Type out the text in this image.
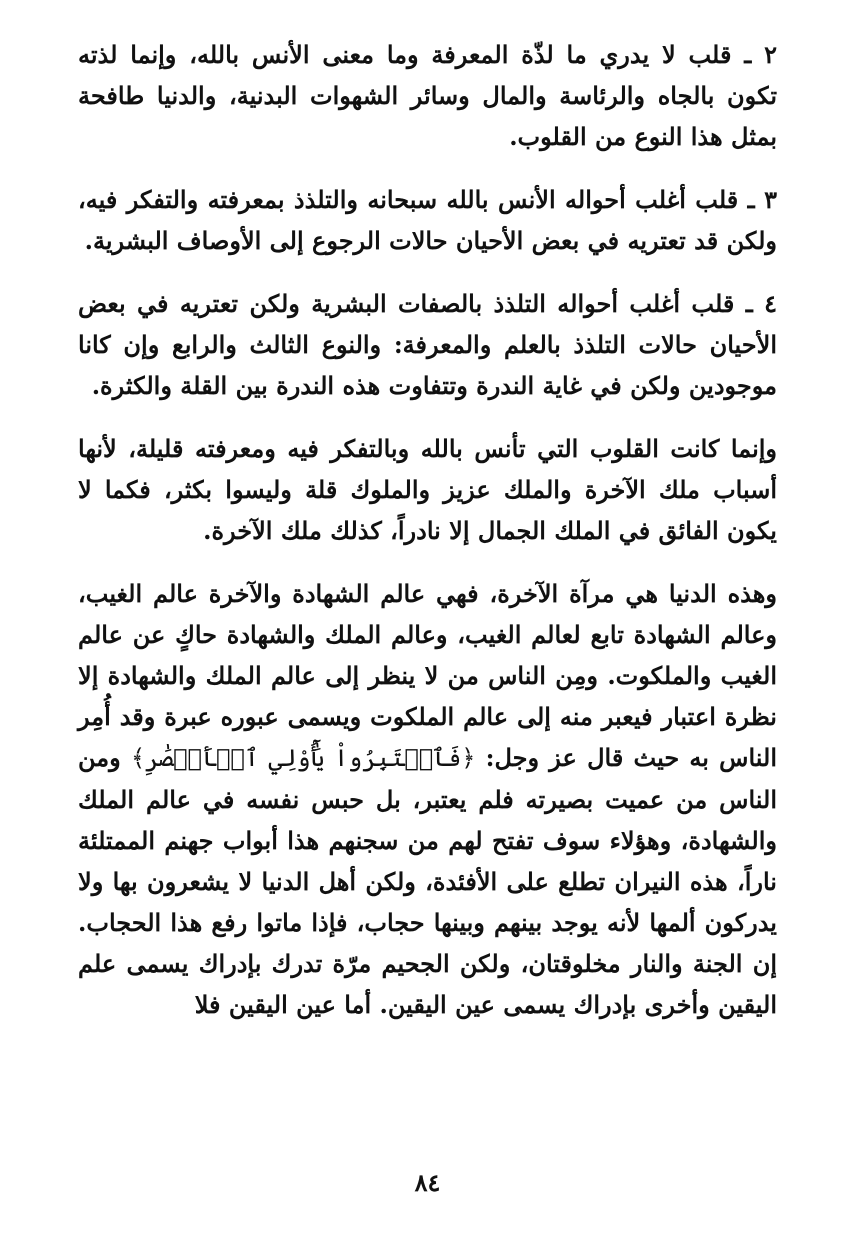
٢ ـ قلب لا يدري ما لذّة المعرفة وما معنى الأنس بالله، وإنما لذته تكون بالجاه والرئاسة والمال وسائر الشهوات البدنية، والدنيا طافحة بمثل هذا النوع من القلوب.

٣ ـ قلب أغلب أحواله الأنس بالله سبحانه والتلذذ بمعرفته والتفكر فيه، ولكن قد تعتريه في بعض الأحيان حالات الرجوع إلى الأوصاف البشرية.

٤ ـ قلب أغلب أحواله التلذذ بالصفات البشرية ولكن تعتريه في بعض الأحيان حالات التلذذ بالعلم والمعرفة: والنوع الثالث والرابع وإن كانا موجودين ولكن في غاية الندرة وتتفاوت هذه الندرة بين القلة والكثرة.

وإنما كانت القلوب التي تأنس بالله وبالتفكر فيه ومعرفته قليلة، لأنها أسباب ملك الآخرة والملك عزيز والملوك قلة وليسوا بكثر، فكما لا يكون الفائق في الملك الجمال إلا نادراً، كذلك ملك الآخرة.

وهذه الدنيا هي مرآة الآخرة، فهي عالم الشهادة والآخرة عالم الغيب، وعالم الشهادة تابع لعالم الغيب، وعالم الملك والشهادة حاكٍ عن عالم الغيب والملكوت. ومِن الناس من لا ينظر إلى عالم الملك والشهادة إلا نظرة اعتبار فيعبر منه إلى عالم الملكوت ويسمى عبوره عبرة وقد أُمِر الناس به حيث قال عز وجل: ﴿فَٱعۡتَبِرُواْ يَٰٓأُوْلِي ٱلۡأَبۡصَٰرِ﴾ ومن الناس من عميت بصيرته فلم يعتبر، بل حبس نفسه في عالم الملك والشهادة، وهؤلاء سوف تفتح لهم من سجنهم هذا أبواب جهنم الممتلئة ناراً، هذه النيران تطلع على الأفئدة، ولكن أهل الدنيا لا يشعرون بها ولا يدركون ألمها لأنه يوجد بينهم وبينها حجاب، فإذا ماتوا رفع هذا الحجاب. إن الجنة والنار مخلوقتان، ولكن الجحيم مرّة تدرك بإدراك يسمى علم اليقين وأخرى بإدراك يسمى عين اليقين. أما عين اليقين فلا

٨٤
